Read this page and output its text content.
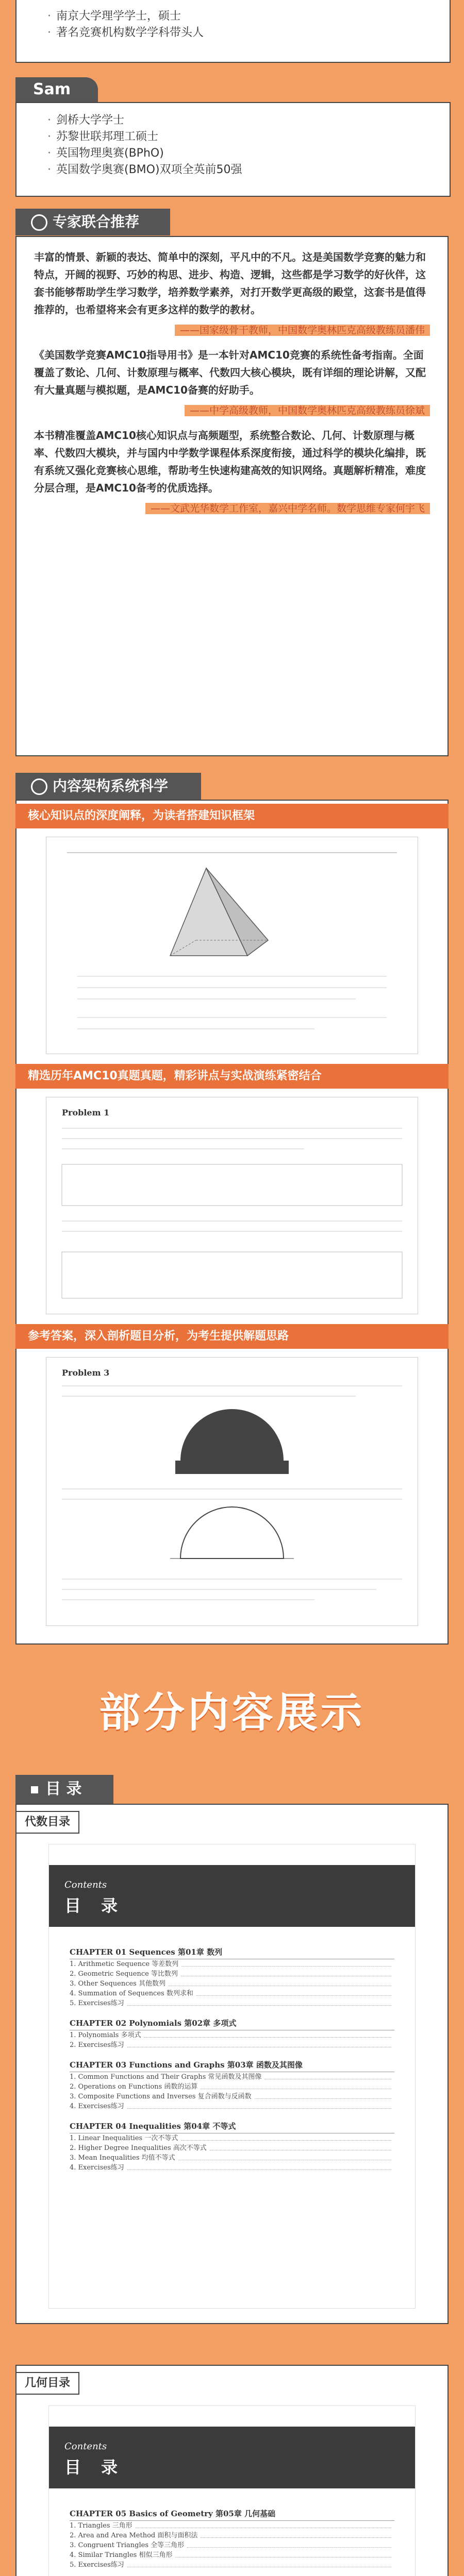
· 南京大学理学学士，硕士
· 著名竞赛机构数学学科带头人
Sam
· 剑桥大学学士
· 苏黎世联邦理工硕士
· 英国物理奥赛(BPhO)
· 英国数学奥赛(BMO)双项全英前50强
专家联合推荐

丰富的情景、新颖的表达、简单中的深刻，平凡中的不凡。这是美国数学竞赛的魅力和特点，开阔的视野、巧妙的构思、进步、构造、逻辑，这些都是学习数学的好伙伴，这套书能够帮助学生学习数学，培养数学素养，对打开数学更高级的殿堂，这套书是值得推荐的，也希望将来会有更多这样的数学的教材。

——国家级骨干教师，中国数学奥林匹克高级教练员潘伟

《美国数学竞赛AMC10指导用书》是一本针对AMC10竞赛的系统性备考指南。全面覆盖了数论、几何、计数原理与概率、代数四大核心模块，既有详细的理论讲解，又配有大量真题与模拟题，是AMC10备赛的好助手。

——中学高级教师，中国数学奥林匹克高级教练员徐斌

本书精准覆盖AMC10核心知识点与高频题型，系统整合数论、几何、计数原理与概率、代数四大模块，并与国内中学数学课程体系深度衔接，通过科学的模块化编排，既有系统又强化竞赛核心思维，帮助考生快速构建高效的知识网络。真题解析精准，难度分层合理，是AMC10备考的优质选择。

——文武光华数学工作室，嘉兴中学名师。数学思维专家何宇飞
内容架构系统科学
核心知识点的深度阐释，为读者搭建知识框架
精选历年AMC10真题真题，精彩讲点与实战演练紧密结合
Problem 1
参考答案，深入剖析题目分析，为考生提供解题思路
Problem 3
部分内容展示
目 录
代数目录
Contents
目 录
CHAPTER 01 Sequences 第01章 数列
1. Arithmetic Sequence 等差数列
2. Geometric Sequence 等比数列
3. Other Sequences 其他数列
4. Summation of Sequences 数列求和
5. Exercises练习
CHAPTER 02 Polynomials 第02章 多项式
1. Polynomials 多项式
2. Exercises练习
CHAPTER 03 Functions and Graphs 第03章 函数及其图像
1. Common Functions and Their Graphs 常见函数及其图像
2. Operations on Functions 函数的运算
3. Composite Functions and Inverses 复合函数与反函数
4. Exercises练习
CHAPTER 04 Inequalities 第04章 不等式
1. Linear Inequalities 一次不等式
2. Higher Degree Inequalities 高次不等式
3. Mean Inequalities 均值不等式
4. Exercises练习
几何目录
Contents
目 录
CHAPTER 05 Basics of Geometry 第05章 几何基础
1. Triangles 三角形
2. Area and Area Method 面积与面积法
3. Congruent Triangles 全等三角形
4. Similar Triangles 相似三角形
5. Exercises练习
